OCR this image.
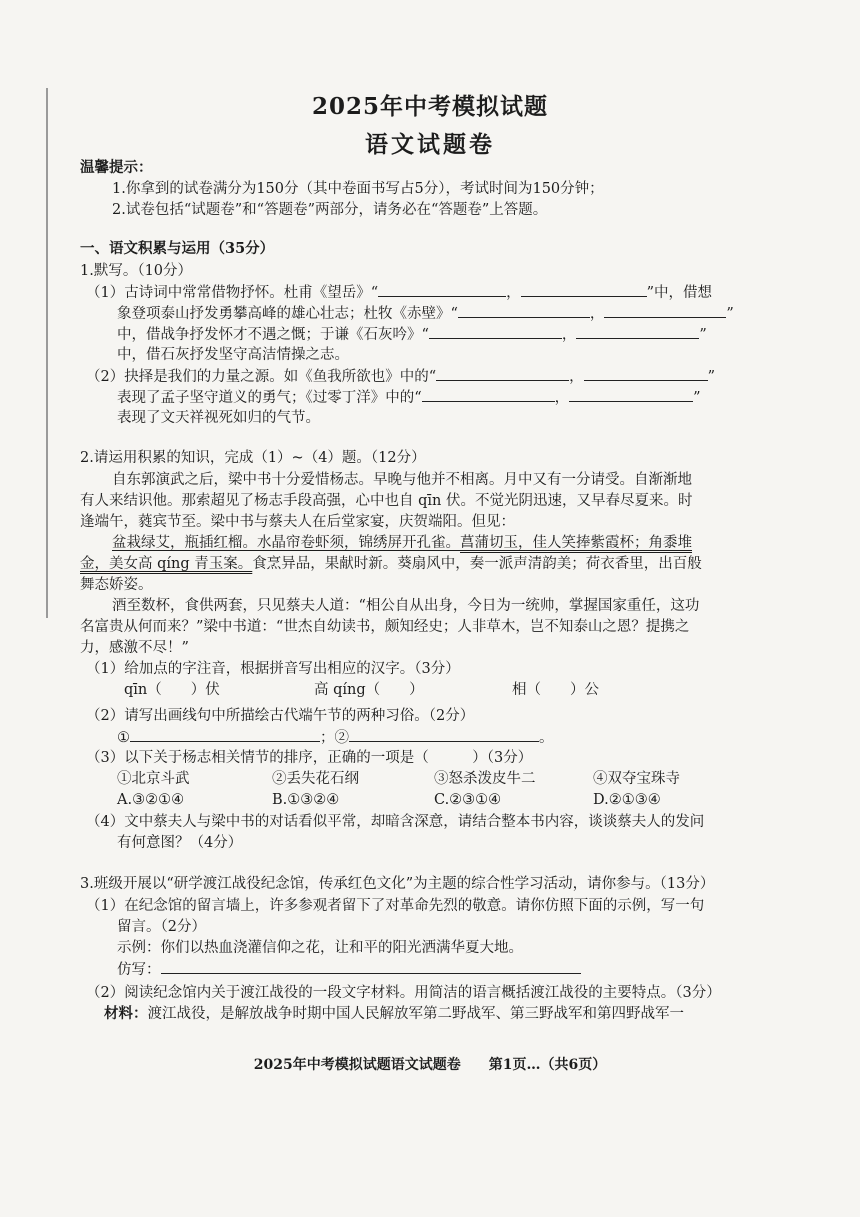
2025年中考模拟试题
语文试题卷
温馨提示：
1.你拿到的试卷满分为150分（其中卷面书写占5分），考试时间为150分钟；
2.试卷包括“试题卷”和“答题卷”两部分，请务必在“答题卷”上答题。
一、语文积累与运用（35分）
1.默写。（10分）
（1）古诗词中常常借物抒怀。杜甫《望岳》“	，	”中，借想
象登项泰山抒发勇攀高峰的雄心壮志；杜牧《赤壁》“	，	”
中，借战争抒发怀才不遇之慨；于谦《石灰吟》“	，	”
中，借石灰抒发坚守高洁情操之志。
（2）抉择是我们的力量之源。如《鱼我所欲也》中的“	，	”
表现了孟子坚守道义的勇气；《过零丁洋》中的“	，	”
表现了文天祥视死如归的气节。
2.请运用积累的知识，完成（1）~（4）题。（12分）
自东郭演武之后，梁中书十分爱惜杨志。早晚与他并不相离。月中又有一分请受。自渐渐地
有人来结识他。那索超见了杨志手段高强，心中也自 qīn 伏。不觉光阴迅速，又早春尽夏来。时
逢端午，蕤宾节至。梁中书与蔡夫人在后堂家宴，庆贺端阳。但见：
盆栽绿艾，瓶插红榴。水晶帘卷虾须，锦绣屏开孔雀。菖蒲切玉，佳人笑捧紫霞杯；角黍堆
金，美女高 qíng 青玉案。食烹异品，果献时新。葵扇风中，奏一派声清韵美；荷衣香里，出百般
舞态娇姿。
酒至数杯，食供两套，只见蔡夫人道：“相公自从出身，今日为一统帅，掌握国家重任，这功
名富贵从何而来？”梁中书道：“世杰自幼读书，颇知经史；人非草木，岂不知泰山之恩？提携之
力，感激不尽！”
（1）给加点的字注音，根据拼音写出相应的汉字。（3分）
qīn（　　）伏	高 qíng（　　）	相（　　）公
（2）请写出画线句中所描绘古代端午节的两种习俗。（2分）
①	；②	。
（3）以下关于杨志相关情节的排序，正确的一项是（　　　）（3分）
①北京斗武	②丢失花石纲	③怒杀泼皮牛二	④双夺宝珠寺
A.③②①④	B.①③②④	C.②③①④	D.②①③④
（4）文中蔡夫人与梁中书的对话看似平常，却暗含深意，请结合整本书内容，谈谈蔡夫人的发问
有何意图？（4分）
3.班级开展以“研学渡江战役纪念馆，传承红色文化”为主题的综合性学习活动，请你参与。（13分）
（1）在纪念馆的留言墙上，许多参观者留下了对革命先烈的敬意。请你仿照下面的示例，写一句
留言。（2分）
示例：你们以热血浇灌信仰之花，让和平的阳光洒满华夏大地。
仿写：
（2）阅读纪念馆内关于渡江战役的一段文字材料。用简洁的语言概括渡江战役的主要特点。（3分）
材料：渡江战役，是解放战争时期中国人民解放军第二野战军、第三野战军和第四野战军一
2025年中考模拟试题语文试题卷　　第1页…（共6页）
